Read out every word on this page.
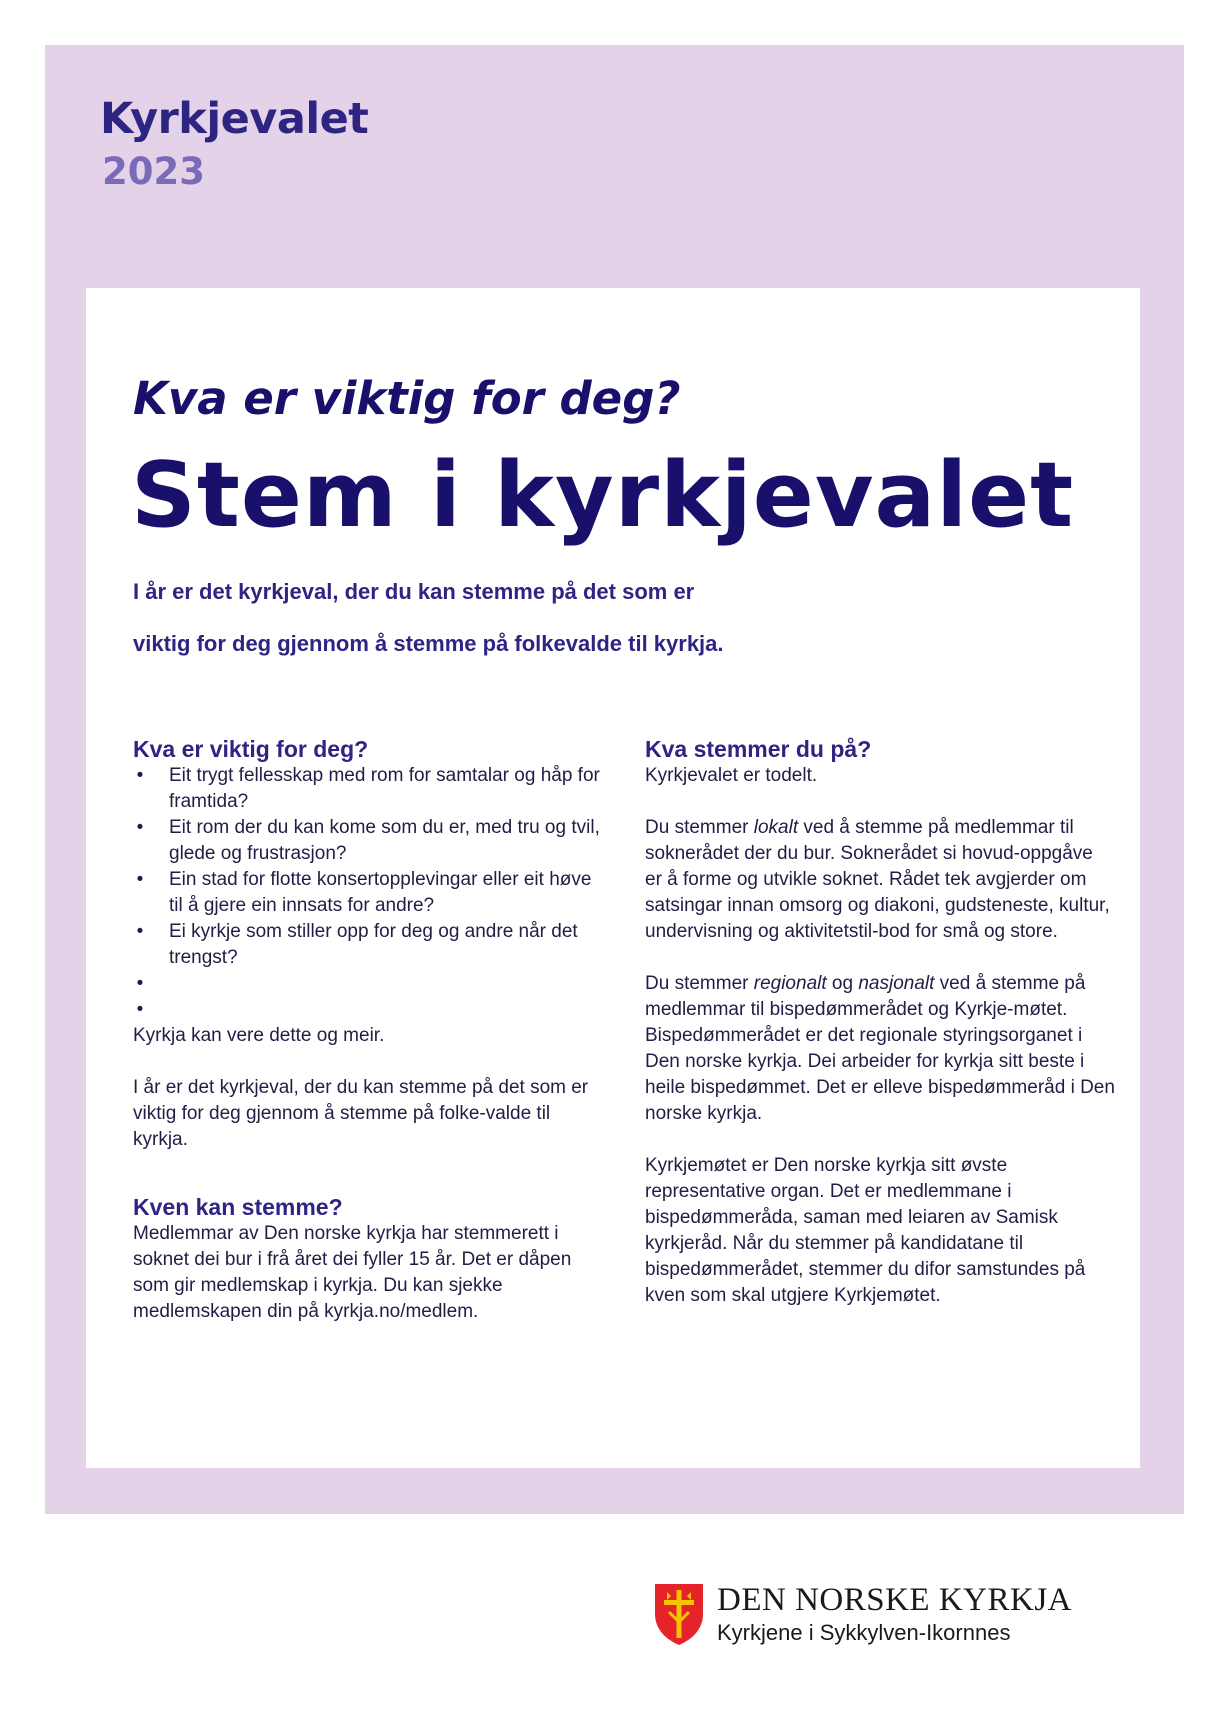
Kyrkjevalet
2023
Kva er viktig for deg?
Stem i kyrkjevalet
I år er det kyrkjeval, der du kan stemme på det som er
viktig for deg gjennom å stemme på folkevalde til kyrkja.
Kva er viktig for deg?
• Eit trygt fellesskap med rom for samtalar og håp for framtida?
• Eit rom der du kan kome som du er, med tru og tvil, glede og frustrasjon?
• Ein stad for flotte konsertopplevingar eller eit høve til å gjere ein innsats for andre?
• Ei kyrkje som stiller opp for deg og andre når det trengst?
•
•

Kyrkja kan vere dette og meir.

I år er det kyrkjeval, der du kan stemme på det som er viktig for deg gjennom å stemme på folke-valde til kyrkja.

Kven kan stemme?

Medlemmar av Den norske kyrkja har stemmerett i soknet dei bur i frå året dei fyller 15 år. Det er dåpen som gir medlemskap i kyrkja. Du kan sjekke medlemskapen din på kyrkja.no/medlem.

Kva stemmer du på?

Kyrkjevalet er todelt.

Du stemmer lokalt ved å stemme på medlemmar til soknerådet der du bur. Soknerådet si hovud-oppgåve er å forme og utvikle soknet. Rådet tek avgjerder om satsingar innan omsorg og diakoni, gudsteneste, kultur, undervisning og aktivitetstil-bod for små og store.

Du stemmer regionalt og nasjonalt ved å stemme på medlemmar til bispedømmerådet og Kyrkje-møtet. Bispedømmerådet er det regionale styringsorganet i Den norske kyrkja. Dei arbeider for kyrkja sitt beste i heile bispedømmet. Det er elleve bispedømmeråd i Den norske kyrkja.

Kyrkjemøtet er Den norske kyrkja sitt øvste representative organ. Det er medlemmane i bispedømmeråda, saman med leiaren av Samisk kyrkjeråd. Når du stemmer på kandidatane til bispedømmerådet, stemmer du difor samstundes på kven som skal utgjere Kyrkjemøtet.

DEN NORSKE KYRKJA
Kyrkjene i Sykkylven-Ikornnes
